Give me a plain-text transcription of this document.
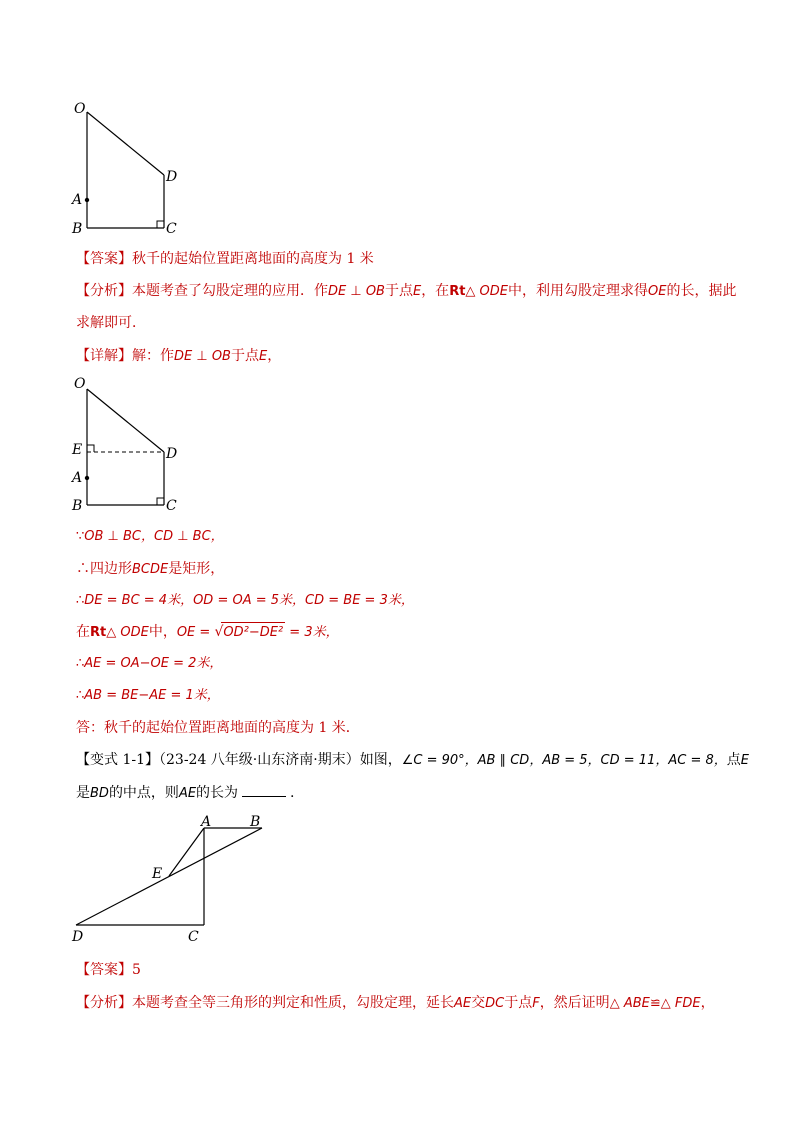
O
D
A
B	C
【答案】秋千的起始位置距离地面的高度为 1 米
【分析】本题考查了勾股定理的应用．作DE ⊥ OB于点E，在Rt△ ODE中，利用勾股定理求得OE的长，据此
求解即可．
【详解】解：作DE ⊥ OB于点E，
O
E	D
A
B	C
∵OB ⊥ BC，CD ⊥ BC，
∴四边形BCDE是矩形，
∴DE = BC = 4米，OD = OA = 5米，CD = BE = 3米，
在Rt△ ODE中，OE = √OD²−DE² = 3米，
∴AE = OA−OE = 2米，
∴AB = BE−AE = 1米，
答：秋千的起始位置距离地面的高度为 1 米．
【变式 1-1】（23-24 八年级·山东济南·期末）如图，∠C = 90°，AB ∥ CD，AB = 5，CD = 11，AC = 8，点E
是BD的中点，则AE的长为	.
A	B
E
D	C
【答案】5
【分析】本题考查全等三角形的判定和性质，勾股定理，延长AE交DC于点F，然后证明△ ABE≌△ FDE，
